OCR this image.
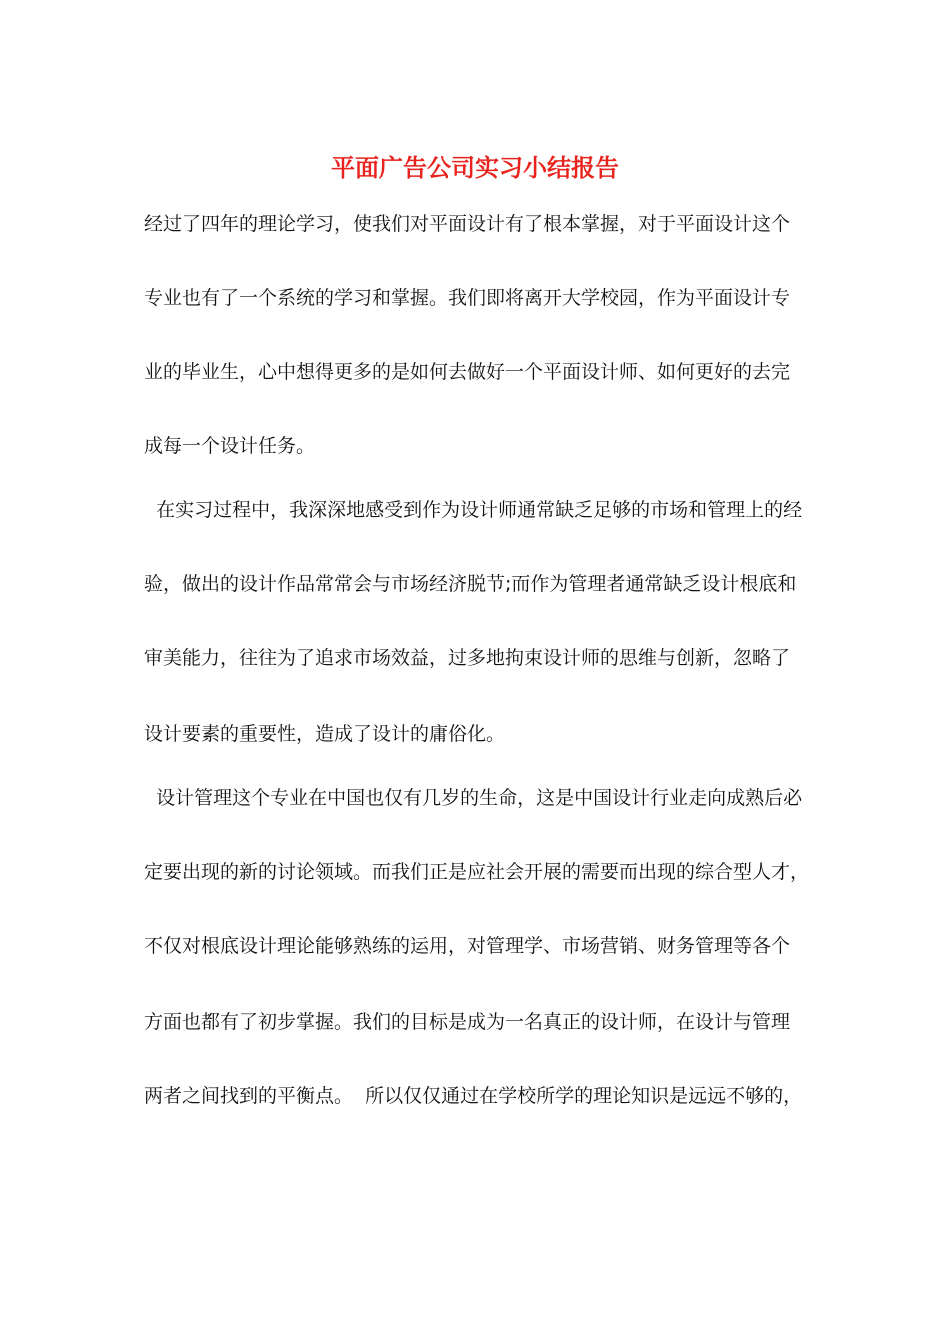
平面广告公司实习小结报告
经过了四年的理论学习，使我们对平面设计有了根本掌握，对于平面设计这个
专业也有了一个系统的学习和掌握。我们即将离开大学校园，作为平面设计专
业的毕业生，心中想得更多的是如何去做好一个平面设计师、如何更好的去完
成每一个设计任务。
在实习过程中，我深深地感受到作为设计师通常缺乏足够的市场和管理上的经
验，做出的设计作品常常会与市场经济脱节;而作为管理者通常缺乏设计根底和
审美能力，往往为了追求市场效益，过多地拘束设计师的思维与创新，忽略了
设计要素的重要性，造成了设计的庸俗化。
设计管理这个专业在中国也仅有几岁的生命，这是中国设计行业走向成熟后必
定要出现的新的讨论领域。而我们正是应社会开展的需要而出现的综合型人才，
不仅对根底设计理论能够熟练的运用，对管理学、市场营销、财务管理等各个
方面也都有了初步掌握。我们的目标是成为一名真正的设计师，在设计与管理
两者之间找到的平衡点。  所以仅仅通过在学校所学的理论知识是远远不够的，
